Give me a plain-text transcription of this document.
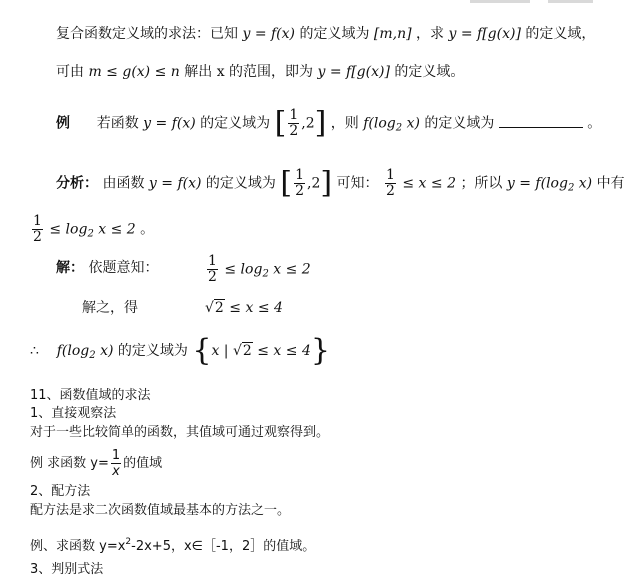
复合函数定义域的求法：已知 y = f(x) 的定义域为 [m,n] ，求 y = f[g(x)] 的定义域，
可由 m ≤ g(x) ≤ n 解出 x 的范围，即为 y = f[g(x)] 的定义域。
例 若函数 y = f(x) 的定义域为 [ $\frac{1}{2} ,2$] ，则 $f(\log_2$ x) 的定义域为	。
分析： 由函数 y = f(x) 的定义域为 [ $\frac{1}{2} ,2$] 可知： $\frac{1}{2} \le x \le 2$ ；所以 $y = f(\log_2$ x) 中有
$\frac{1}{2} \le \log_2 x \le 2$ 。
解： 依题意知：	$\frac{1}{2} \le \log_2 x \le 2$
解之，得	√2 ≤ x ≤ 4
∴ $f(\log_2$ x) 的定义域为 {x | √2 ≤ x ≤ 4}
11、函数值域的求法
1、直接观察法
对于一些比较简单的函数，其值域可通过观察得到。
例 求函数 $y= \frac{1}{x}$ 的值域
2、配方法
配方法是求二次函数值域最基本的方法之一。
例、求函数 $y=x^2-2x+5$，x∈［-1，2］的值域。
3、判别式法
